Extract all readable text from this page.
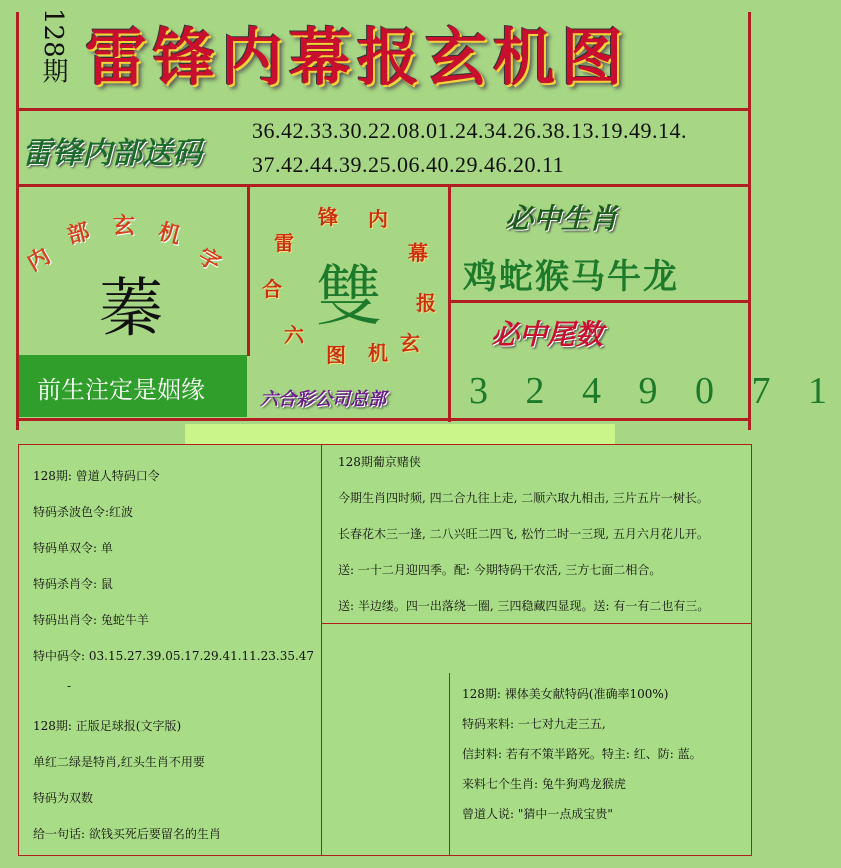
128期 雷锋内幕报玄机图
雷锋内部送码
36.42.33.30.22.08.01.24.34.26.38.13.19.49.14.
37.42.44.39.25.06.40.29.46.20.11
内
部 玄 机
字
蓁
前生注定是姻缘
雷
锋 内
幕
报
玄
机
图
六
合 雙
六合彩公司总部
必中生肖
鸡蛇猴马牛龙
必中尾数
3 2 4 9 0 7 1
128期: 曾道人特码口令
特码杀波色令:红波
特码单双令: 单
特码杀肖令: 鼠
特码出肖令: 兔蛇牛羊
特中码令: 03.15.27.39.05.17.29.41.11.23.35.47
-
128期: 正版足球报(文字版)
单红二绿是特肖,红头生肖不用要
特码为双数
给一句话: 欲钱买死后要留名的生肖
128期葡京赌侠
今期生肖四时频, 四二合九往上走, 二顺六取九相击, 三片五片一树长。
长春花木三一逢, 二八兴旺二四飞, 松竹二时一三现, 五月六月花儿开。
送: 一十二月迎四季。配: 今期特码干农活, 三方七面二相合。
送: 半边缕。四一出落绕一圈, 三四稳藏四显现。送: 有一有二也有三。
128期: 裸体美女献特码(准确率100%)
特码来料: 一七对九走三五,
信封料: 若有不策半路死。特主: 红、防: 蓝。
来料七个生肖: 兔牛狗鸡龙猴虎
曾道人说: "猜中一点成宝贵"
